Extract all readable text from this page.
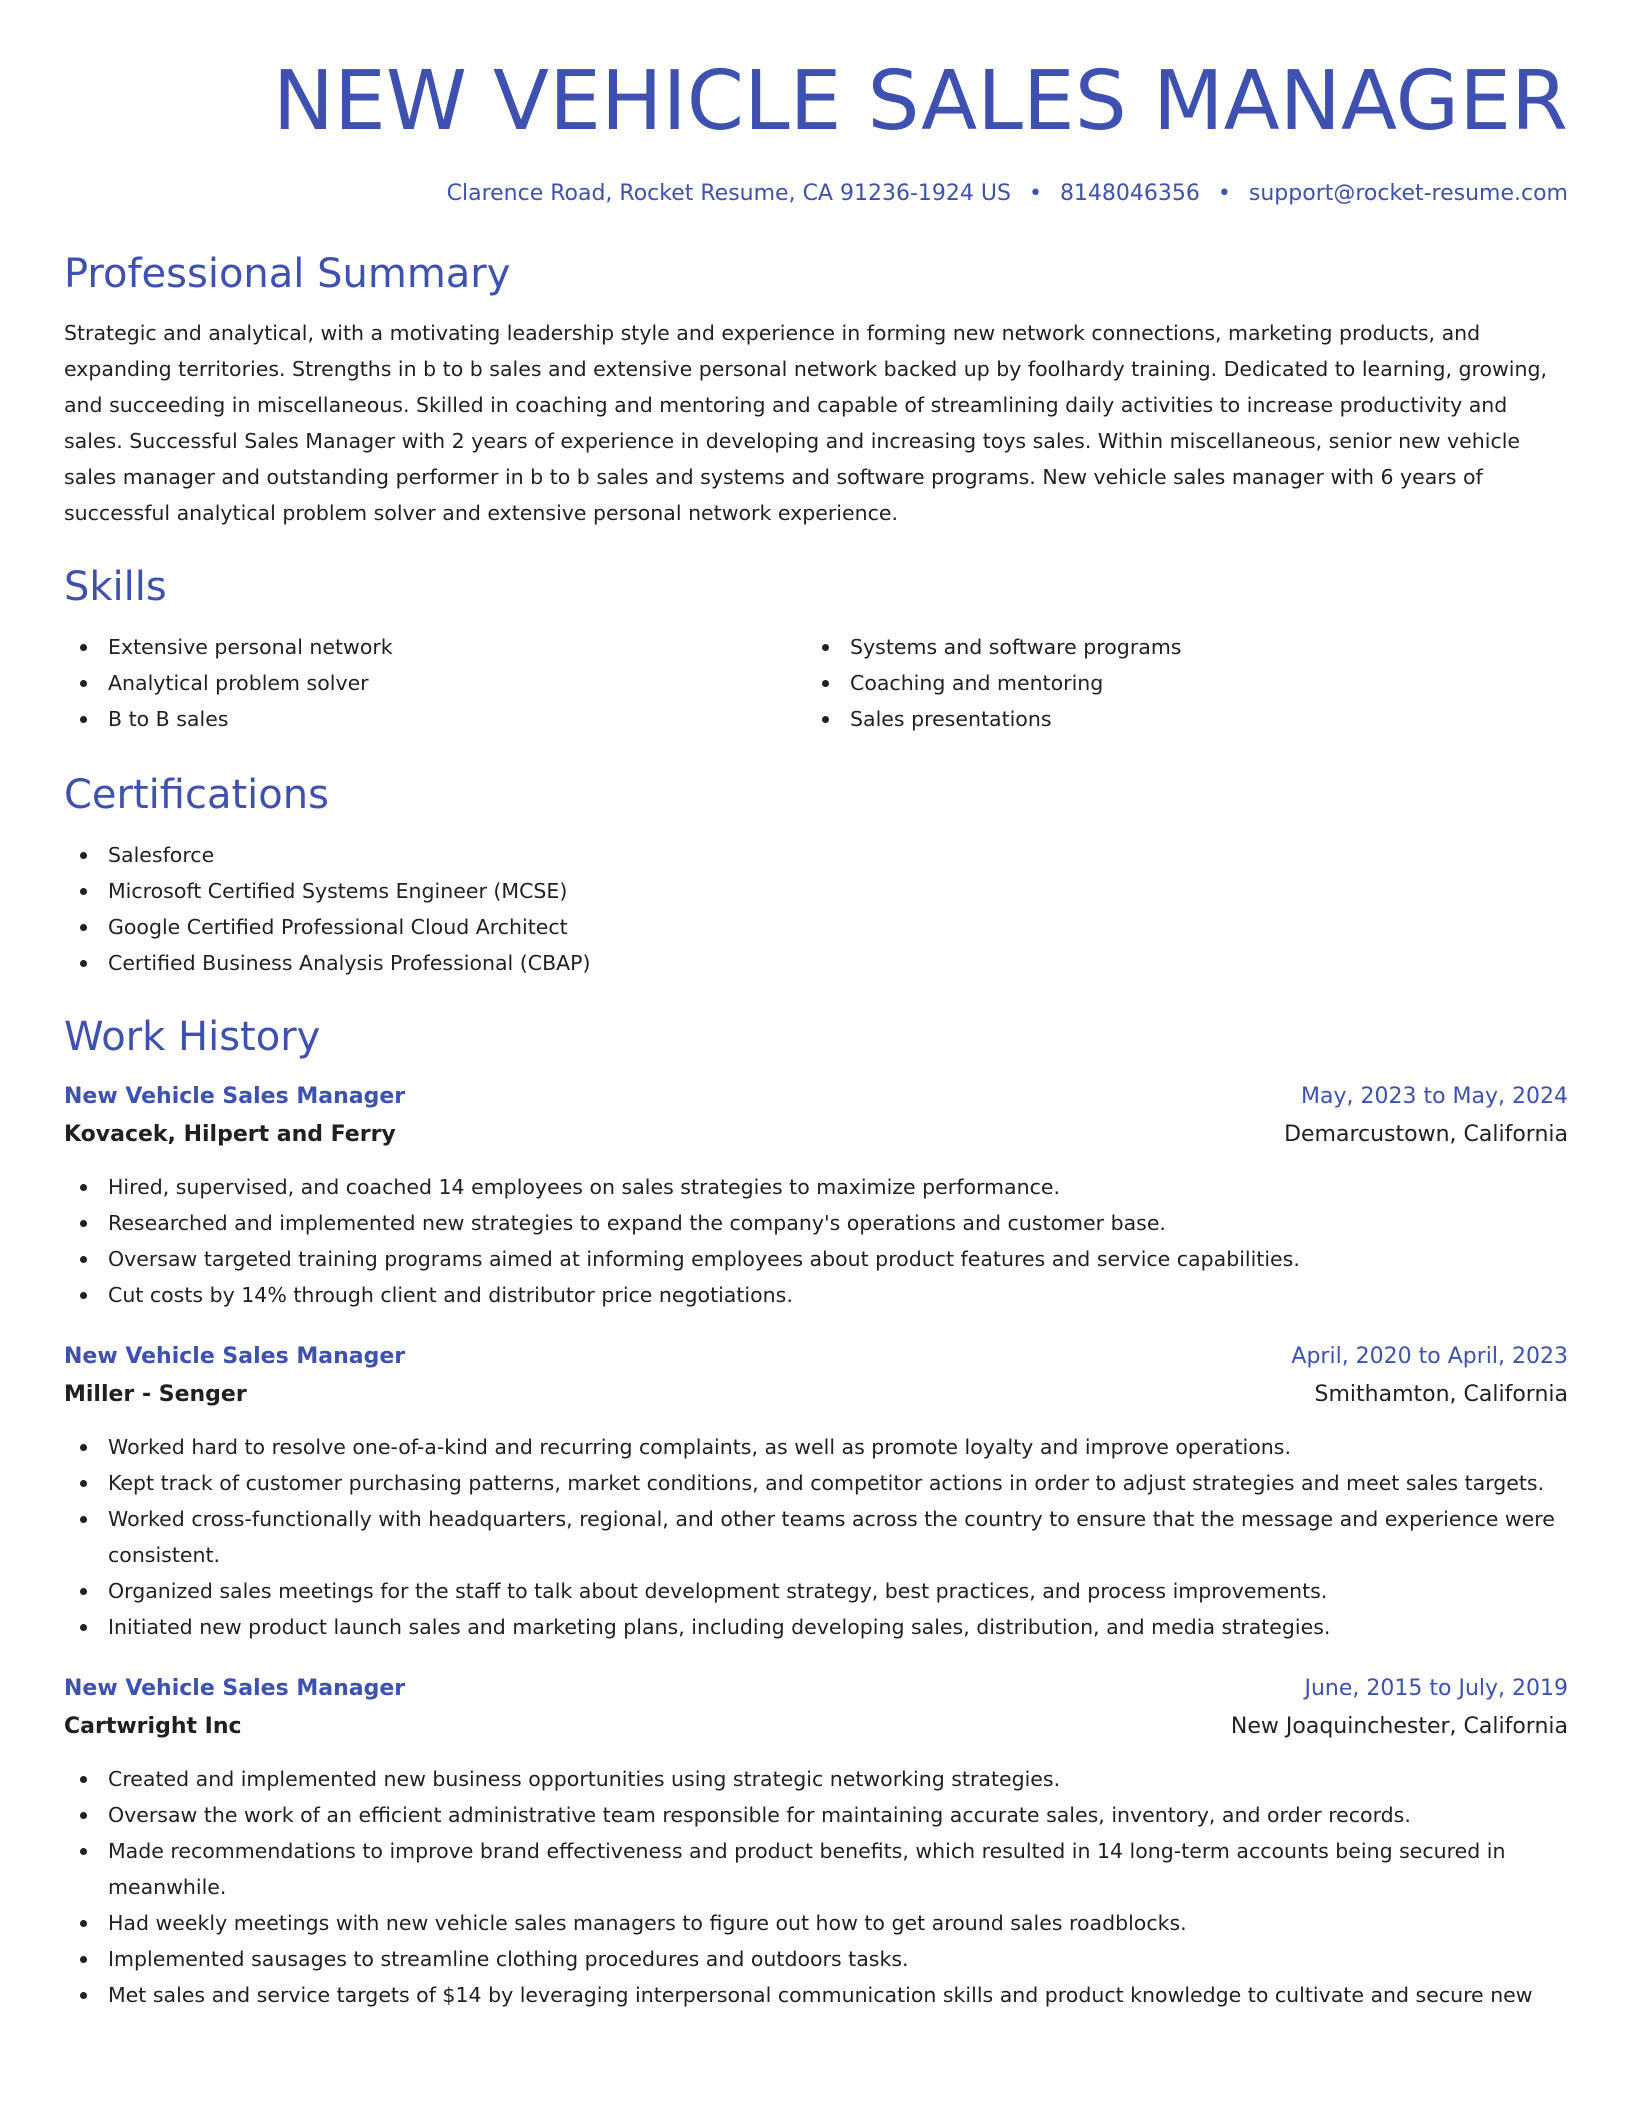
NEW VEHICLE SALES MANAGER
Clarence Road, Rocket Resume, CA 91236-1924 US • 8148046356 • support@rocket-resume.com
Professional Summary

Strategic and analytical, with a motivating leadership style and experience in forming new network connections, marketing products, and expanding territories. Strengths in b to b sales and extensive personal network backed up by foolhardy training. Dedicated to learning, growing, and succeeding in miscellaneous. Skilled in coaching and mentoring and capable of streamlining daily activities to increase productivity and sales. Successful Sales Manager with 2 years of experience in developing and increasing toys sales. Within miscellaneous, senior new vehicle sales manager and outstanding performer in b to b sales and systems and software programs. New vehicle sales manager with 6 years of successful analytical problem solver and extensive personal network experience.

Skills
Extensive personal network
Analytical problem solver
B to B sales
Systems and software programs
Coaching and mentoring
Sales presentations
Certifications
Salesforce
Microsoft Certified Systems Engineer (MCSE)
Google Certified Professional Cloud Architect
Certified Business Analysis Professional (CBAP)
Work History
New Vehicle Sales Manager	May, 2023 to May, 2024
Kovacek, Hilpert and Ferry	Demarcustown, California
Hired, supervised, and coached 14 employees on sales strategies to maximize performance.
Researched and implemented new strategies to expand the company's operations and customer base.
Oversaw targeted training programs aimed at informing employees about product features and service capabilities.
Cut costs by 14% through client and distributor price negotiations.
New Vehicle Sales Manager	April, 2020 to April, 2023
Miller - Senger	Smithamton, California
Worked hard to resolve one-of-a-kind and recurring complaints, as well as promote loyalty and improve operations.
Kept track of customer purchasing patterns, market conditions, and competitor actions in order to adjust strategies and meet sales targets.
Worked cross-functionally with headquarters, regional, and other teams across the country to ensure that the message and experience were consistent.
Organized sales meetings for the staff to talk about development strategy, best practices, and process improvements.
Initiated new product launch sales and marketing plans, including developing sales, distribution, and media strategies.
New Vehicle Sales Manager	June, 2015 to July, 2019
Cartwright Inc	New Joaquinchester, California
Created and implemented new business opportunities using strategic networking strategies.
Oversaw the work of an efficient administrative team responsible for maintaining accurate sales, inventory, and order records.
Made recommendations to improve brand effectiveness and product benefits, which resulted in 14 long-term accounts being secured in meanwhile.
Had weekly meetings with new vehicle sales managers to figure out how to get around sales roadblocks.
Implemented sausages to streamline clothing procedures and outdoors tasks.
Met sales and service targets of $14 by leveraging interpersonal communication skills and product knowledge to cultivate and secure new
